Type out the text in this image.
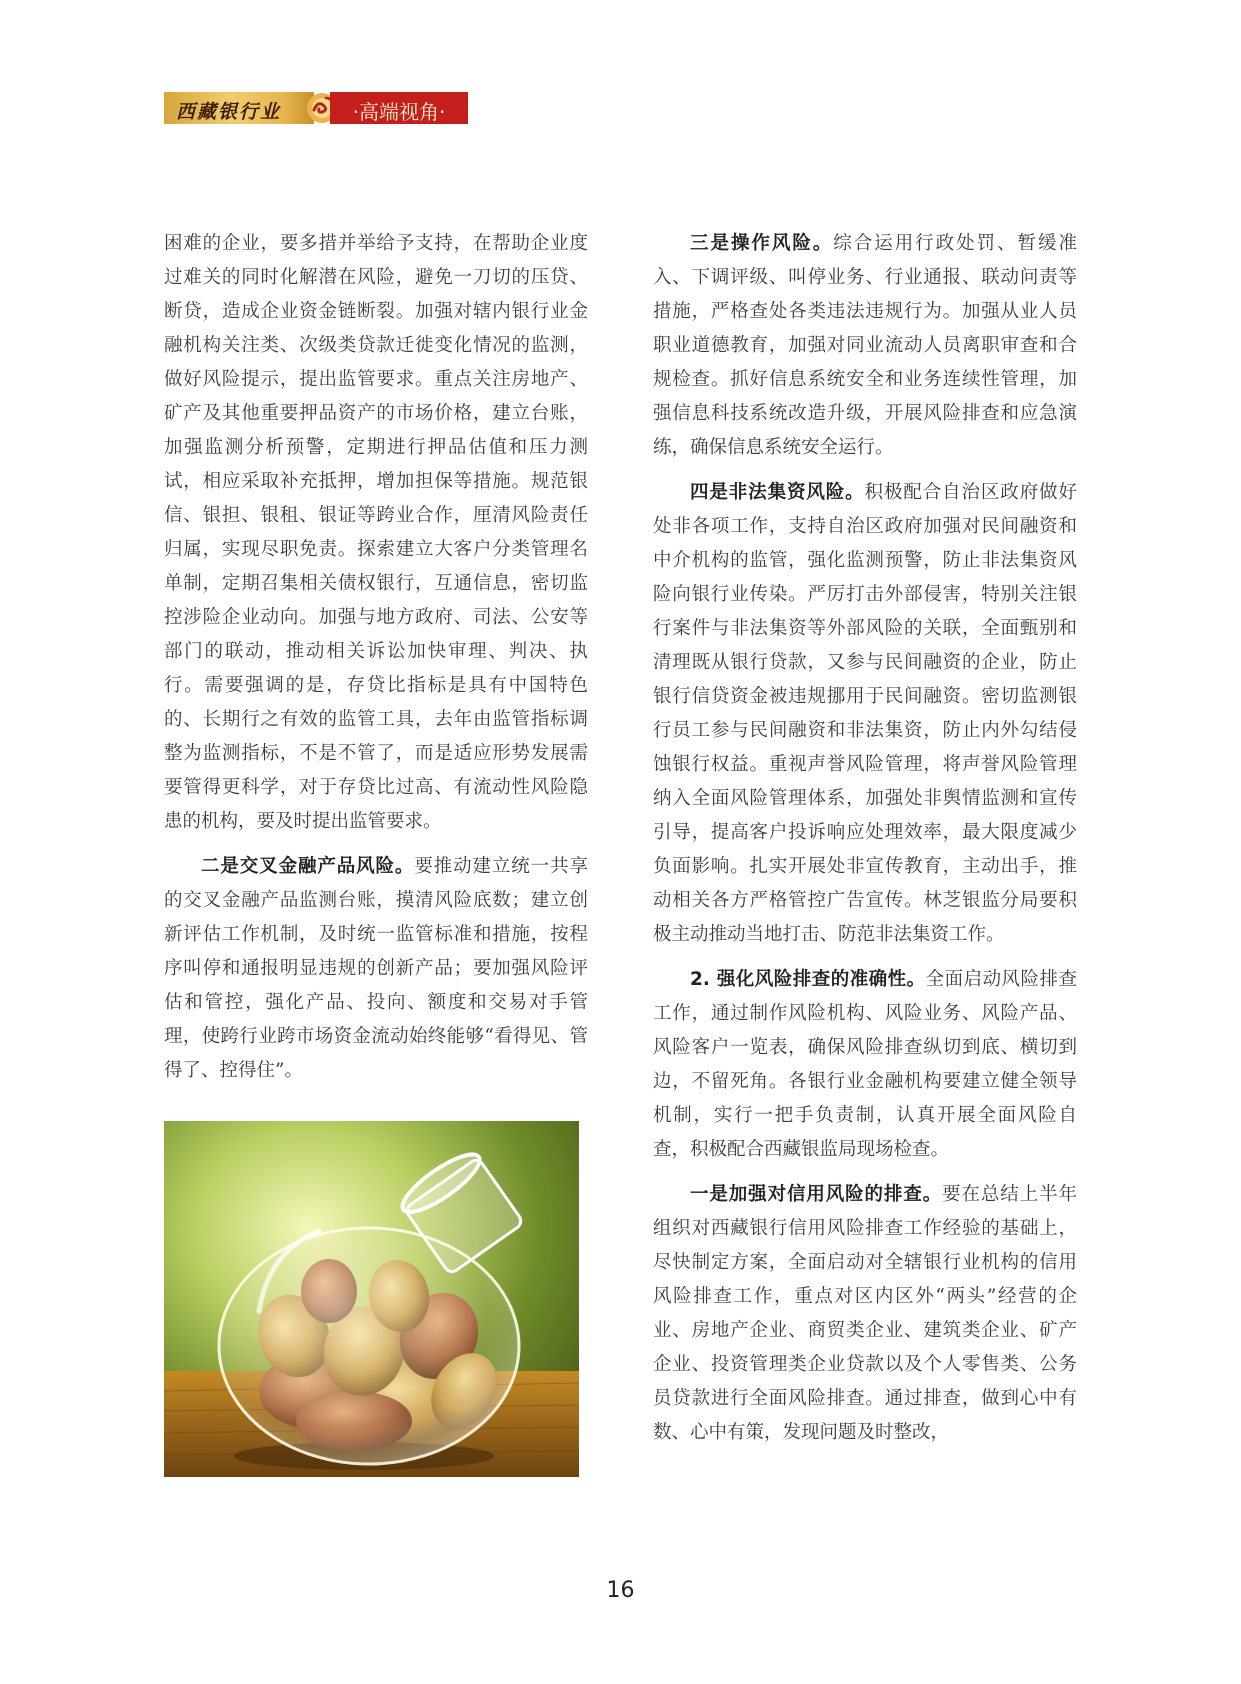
西藏银行业	·高端视角·

困难的企业，要多措并举给予支持，在帮助企业度过难关的同时化解潜在风险，避免一刀切的压贷、断贷，造成企业资金链断裂。加强对辖内银行业金融机构关注类、次级类贷款迁徙变化情况的监测，做好风险提示，提出监管要求。重点关注房地产、矿产及其他重要押品资产的市场价格，建立台账，加强监测分析预警，定期进行押品估值和压力测试，相应采取补充抵押，增加担保等措施。规范银信、银担、银租、银证等跨业合作，厘清风险责任归属，实现尽职免责。探索建立大客户分类管理名单制，定期召集相关债权银行，互通信息，密切监控涉险企业动向。加强与地方政府、司法、公安等部门的联动，推动相关诉讼加快审理、判决、执行。需要强调的是，存贷比指标是具有中国特色的、长期行之有效的监管工具，去年由监管指标调整为监测指标，不是不管了，而是适应形势发展需要管得更科学，对于存贷比过高、有流动性风险隐患的机构，要及时提出监管要求。

二是交叉金融产品风险。要推动建立统一共享的交叉金融产品监测台账，摸清风险底数；建立创新评估工作机制，及时统一监管标准和措施，按程序叫停和通报明显违规的创新产品；要加强风险评估和管控，强化产品、投向、额度和交易对手管理，使跨行业跨市场资金流动始终能够“看得见、管得了、控得住”。

三是操作风险。综合运用行政处罚、暂缓准入、下调评级、叫停业务、行业通报、联动问责等措施，严格查处各类违法违规行为。加强从业人员职业道德教育，加强对同业流动人员离职审查和合规检查。抓好信息系统安全和业务连续性管理，加强信息科技系统改造升级，开展风险排查和应急演练，确保信息系统安全运行。

四是非法集资风险。积极配合自治区政府做好处非各项工作，支持自治区政府加强对民间融资和中介机构的监管，强化监测预警，防止非法集资风险向银行业传染。严厉打击外部侵害，特别关注银行案件与非法集资等外部风险的关联，全面甄别和清理既从银行贷款，又参与民间融资的企业，防止银行信贷资金被违规挪用于民间融资。密切监测银行员工参与民间融资和非法集资，防止内外勾结侵蚀银行权益。重视声誉风险管理，将声誉风险管理纳入全面风险管理体系，加强处非舆情监测和宣传引导，提高客户投诉响应处理效率，最大限度减少负面影响。扎实开展处非宣传教育，主动出手，推动相关各方严格管控广告宣传。林芝银监分局要积极主动推动当地打击、防范非法集资工作。

2. 强化风险排查的准确性。全面启动风险排查工作，通过制作风险机构、风险业务、风险产品、风险客户一览表，确保风险排查纵切到底、横切到边，不留死角。各银行业金融机构要建立健全领导机制，实行一把手负责制，认真开展全面风险自查，积极配合西藏银监局现场检查。

一是加强对信用风险的排查。要在总结上半年组织对西藏银行信用风险排查工作经验的基础上，尽快制定方案，全面启动对全辖银行业机构的信用风险排查工作，重点对区内区外“两头”经营的企业、房地产企业、商贸类企业、建筑类企业、矿产企业、投资管理类企业贷款以及个人零售类、公务员贷款进行全面风险排查。通过排查，做到心中有数、心中有策，发现问题及时整改，

16
